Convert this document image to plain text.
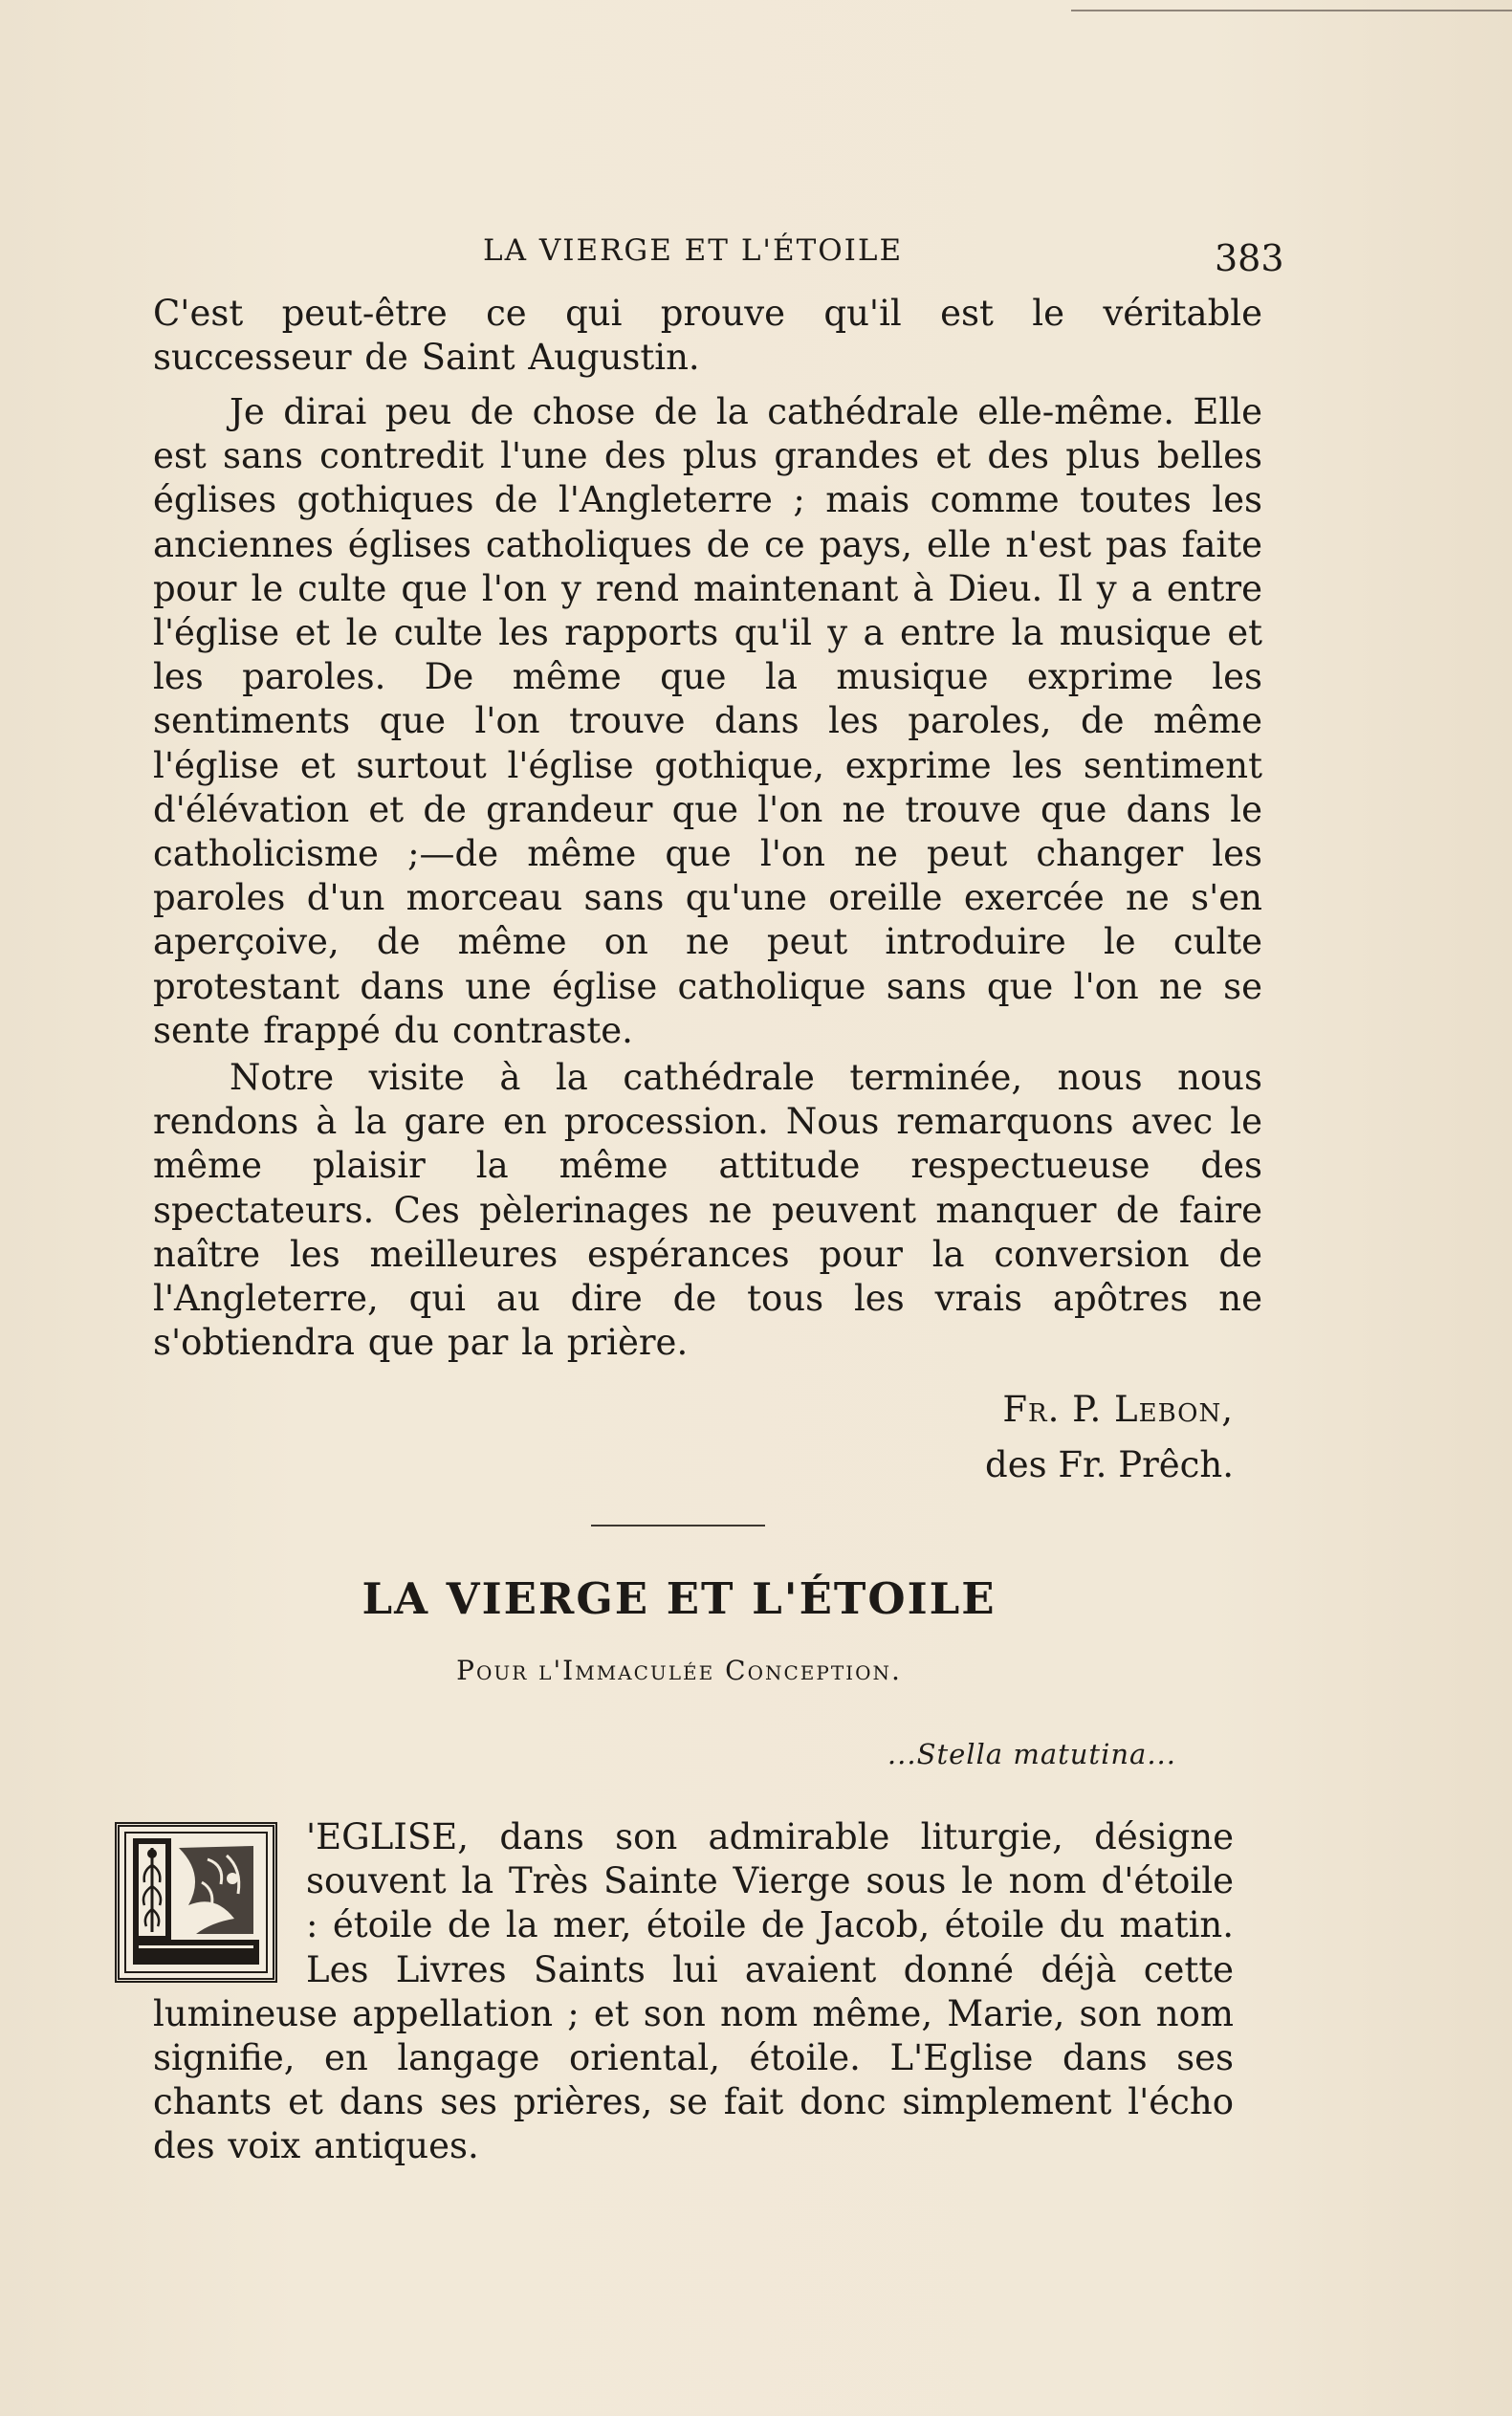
LA VIERGE ET L'ÉTOILE	383

C'est peut-être ce qui prouve qu'il est le véritable successeur de Saint Augustin.

Je dirai peu de chose de la cathédrale elle-même. Elle est sans contredit l'une des plus grandes et des plus belles églises gothiques de l'Angleterre ; mais comme toutes les anciennes églises catholiques de ce pays, elle n'est pas faite pour le culte que l'on y rend maintenant à Dieu. Il y a entre l'église et le culte les rapports qu'il y a entre la musique et les paroles. De même que la musique exprime les sentiments que l'on trouve dans les paroles, de même l'église et surtout l'église gothique, exprime les sentiment d'élévation et de grandeur que l'on ne trouve que dans le catholicisme ;—de même que l'on ne peut changer les paroles d'un morceau sans qu'une oreille exercée ne s'en aperçoive, de même on ne peut introduire le culte protestant dans une église catholique sans que l'on ne se sente frappé du contraste.

Notre visite à la cathédrale terminée, nous nous rendons à la gare en procession. Nous remarquons avec le même plaisir la même attitude respectueuse des spectateurs. Ces pèlerinages ne peuvent manquer de faire naître les meilleures espérances pour la conversion de l'Angleterre, qui au dire de tous les vrais apôtres ne s'obtiendra que par la prière.

Fr. P. Lebon,
des Fr. Prêch.
LA VIERGE ET L'ÉTOILE
Pour l'Immaculée Conception.
...Stella matutina...

'EGLISE, dans son admirable liturgie, désigne souvent la Très Sainte Vierge sous le nom d'étoile : étoile de la mer, étoile de Jacob, étoile du matin. Les Livres Saints lui avaient donné déjà cette lumineuse appellation ; et son nom même, Marie, son nom signifie, en langage oriental, étoile. L'Eglise dans ses chants et dans ses prières, se fait donc simplement l'écho des voix antiques.
